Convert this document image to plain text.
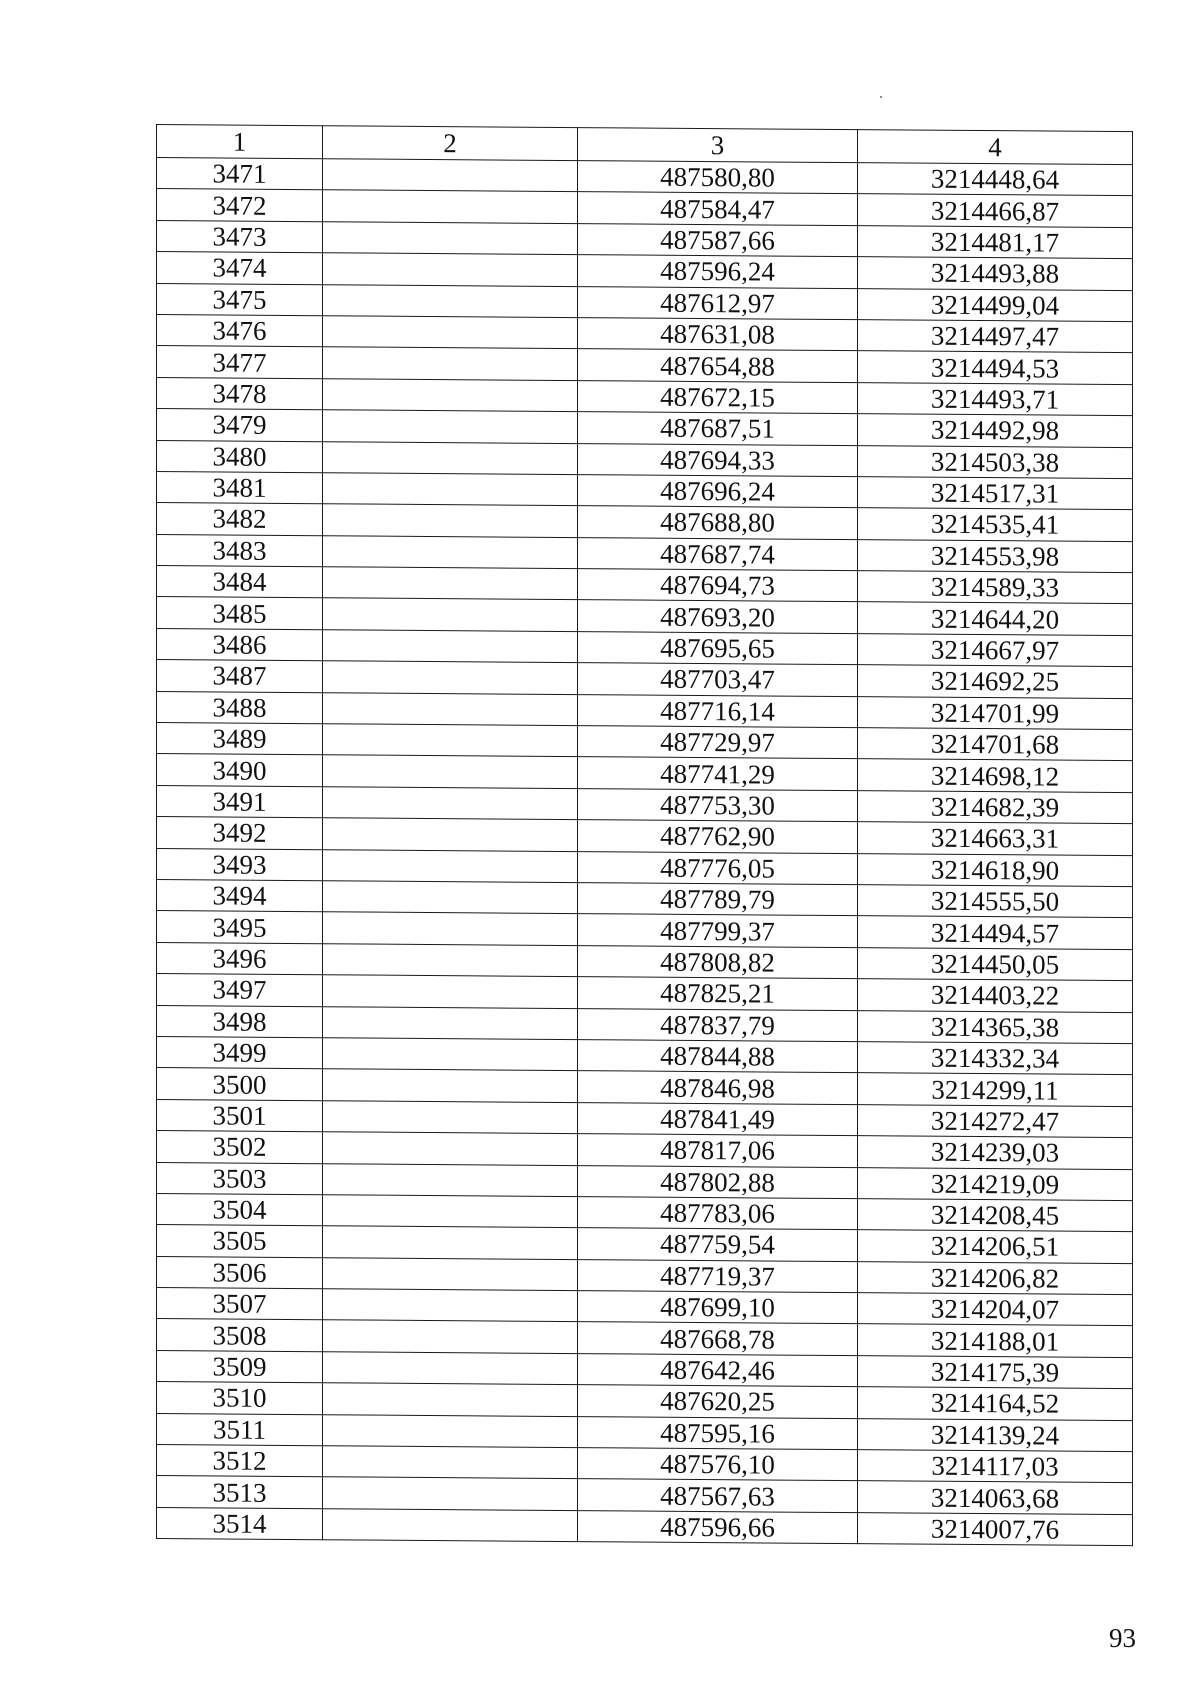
1	2	3	4
3471		487580,80	3214448,64
3472		487584,47	3214466,87
3473		487587,66	3214481,17
3474		487596,24	3214493,88
3475		487612,97	3214499,04
3476		487631,08	3214497,47
3477		487654,88	3214494,53
3478		487672,15	3214493,71
3479		487687,51	3214492,98
3480		487694,33	3214503,38
3481		487696,24	3214517,31
3482		487688,80	3214535,41
3483		487687,74	3214553,98
3484		487694,73	3214589,33
3485		487693,20	3214644,20
3486		487695,65	3214667,97
3487		487703,47	3214692,25
3488		487716,14	3214701,99
3489		487729,97	3214701,68
3490		487741,29	3214698,12
3491		487753,30	3214682,39
3492		487762,90	3214663,31
3493		487776,05	3214618,90
3494		487789,79	3214555,50
3495		487799,37	3214494,57
3496		487808,82	3214450,05
3497		487825,21	3214403,22
3498		487837,79	3214365,38
3499		487844,88	3214332,34
3500		487846,98	3214299,11
3501		487841,49	3214272,47
3502		487817,06	3214239,03
3503		487802,88	3214219,09
3504		487783,06	3214208,45
3505		487759,54	3214206,51
3506		487719,37	3214206,82
3507		487699,10	3214204,07
3508		487668,78	3214188,01
3509		487642,46	3214175,39
3510		487620,25	3214164,52
3511		487595,16	3214139,24
3512		487576,10	3214117,03
3513		487567,63	3214063,68
3514		487596,66	3214007,76
93
